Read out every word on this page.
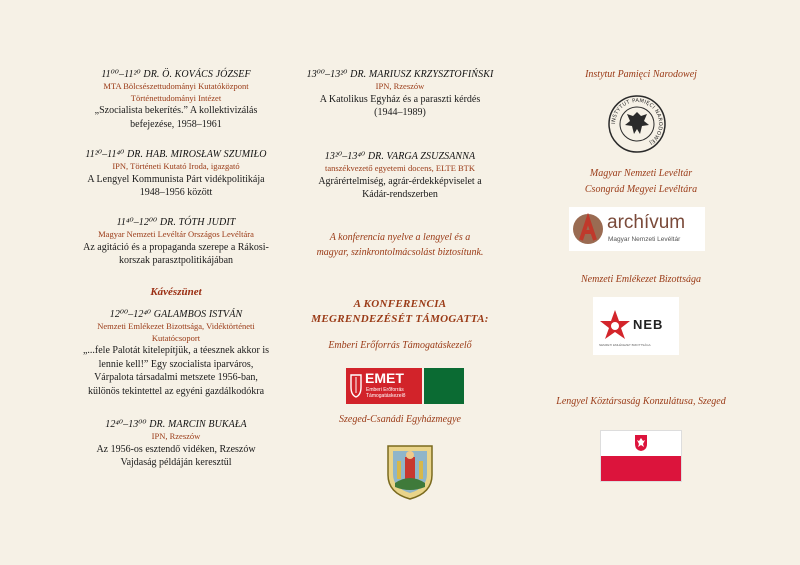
11⁰⁰–11²⁰ DR. Ö. KOVÁCS JÓZSEF
MTA Bölcsészettudományi Kutatóközpont
Történettudományi Intézet
„Szocialista bekerítés.” A kollektivizálás
befejezése, 1958–1961
11²⁰–11⁴⁰ DR. HAB. MIROSŁAW SZUMIŁO
IPN, Történeti Kutató Iroda, igazgató
A Lengyel Kommunista Párt vidékpolitikája
1948–1956 között
11⁴⁰–12⁰⁰ DR. TÓTH JUDIT
Magyar Nemzeti Levéltár Országos Levéltára
Az agitáció és a propaganda szerepe a Rákosi-
korszak parasztpolitikájában
Kávészünet
12⁰⁰–12⁴⁰ GALAMBOS ISTVÁN
Nemzeti Emlékezet Bizottsága, Vidéktörténeti
Kutatócsoport
„...fele Palotát kitelepítjük, a téesznek akkor is
lennie kell!” Egy szocialista iparváros,
Várpalota társadalmi metszete 1956-ban,
különös tekintettel az egyéni gazdálkodókra
12⁴⁰–13⁰⁰ DR. MARCIN BUKAŁA
IPN, Rzeszów
Az 1956-os esztendő vidéken, Rzeszów
Vajdaság példáján keresztül
13⁰⁰–13²⁰ DR. MARIUSZ KRZYSZTOFIŃSKI
IPN, Rzeszów
A Katolikus Egyház és a paraszti kérdés
(1944–1989)
13²⁰–13⁴⁰ DR. VARGA ZSUZSANNA
tanszékvezető egyetemi docens, ELTE BTK
Agrárértelmiség, agrár-érdekképviselet a
Kádár-rendszerben
A konferencia nyelve a lengyel és a
magyar, szinkrontolmácsolást biztosítunk.
A KONFERENCIA
MEGRENDEZÉSÉT TÁMOGATTA:
Emberi Erőforrás Támogatáskezelő
EMET
Emberi Erőforrás
Támogatáskezelő
Szeged-Csanádi Egyházmegye
Instytut Pamięci Narodowej
INSTYTUT PAMIĘCI NARODOWEJ
Magyar Nemzeti Levéltár
Csongrád Megyei Levéltára
archívum
Magyar Nemzeti Levéltár
Nemzeti Emlékezet Bizottsága
NEB
NEMZETI EMLÉKEZET BIZOTTSÁGA
Lengyel Köztársaság Konzulátusa, Szeged
